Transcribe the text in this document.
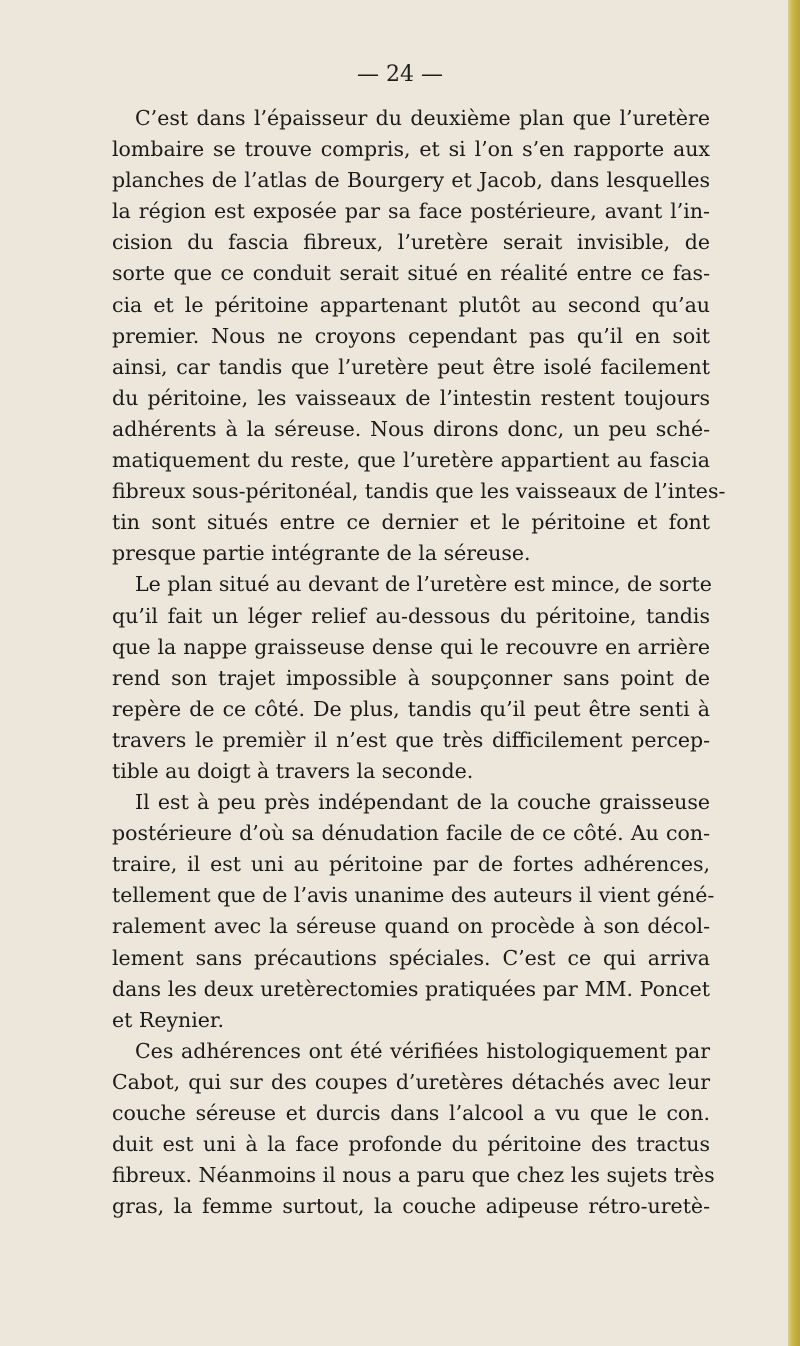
— 24 —
C’est dans l’épaisseur du deuxième plan que l’uretère
lombaire se trouve compris, et si l’on s’en rapporte aux
planches de l’atlas de Bourgery et Jacob, dans lesquelles
la région est exposée par sa face postérieure, avant l’in-
cision du fascia fibreux, l’uretère serait invisible, de
sorte que ce conduit serait situé en réalité entre ce fas-
cia et le péritoine appartenant plutôt au second qu’au
premier. Nous ne croyons cependant pas qu’il en soit
ainsi, car tandis que l’uretère peut être isolé facilement
du péritoine, les vaisseaux de l’intestin restent toujours
adhérents à la séreuse. Nous dirons donc, un peu sché-
matiquement du reste, que l’uretère appartient au fascia
fibreux sous-péritonéal, tandis que les vaisseaux de l’intes-
tin sont situés entre ce dernier et le péritoine et font
presque partie intégrante de la séreuse.
Le plan situé au devant de l’uretère est mince, de sorte
qu’il fait un léger relief au-dessous du péritoine, tandis
que la nappe graisseuse dense qui le recouvre en arrière
rend son trajet impossible à soupçonner sans point de
repère de ce côté. De plus, tandis qu’il peut être senti à
travers le premièr il n’est que très difficilement percep-
tible au doigt à travers la seconde.
Il est à peu près indépendant de la couche graisseuse
postérieure d’où sa dénudation facile de ce côté. Au con-
traire, il est uni au péritoine par de fortes adhérences,
tellement que de l’avis unanime des auteurs il vient géné-
ralement avec la séreuse quand on procède à son décol-
lement sans précautions spéciales. C’est ce qui arriva
dans les deux uretèrectomies pratiquées par MM. Poncet
et Reynier.
Ces adhérences ont été vérifiées histologiquement par
Cabot, qui sur des coupes d’uretères détachés avec leur
couche séreuse et durcis dans l’alcool a vu que le con.
duit est uni à la face profonde du péritoine des tractus
fibreux. Néanmoins il nous a paru que chez les sujets très
gras, la femme surtout, la couche adipeuse rétro-uretè-
